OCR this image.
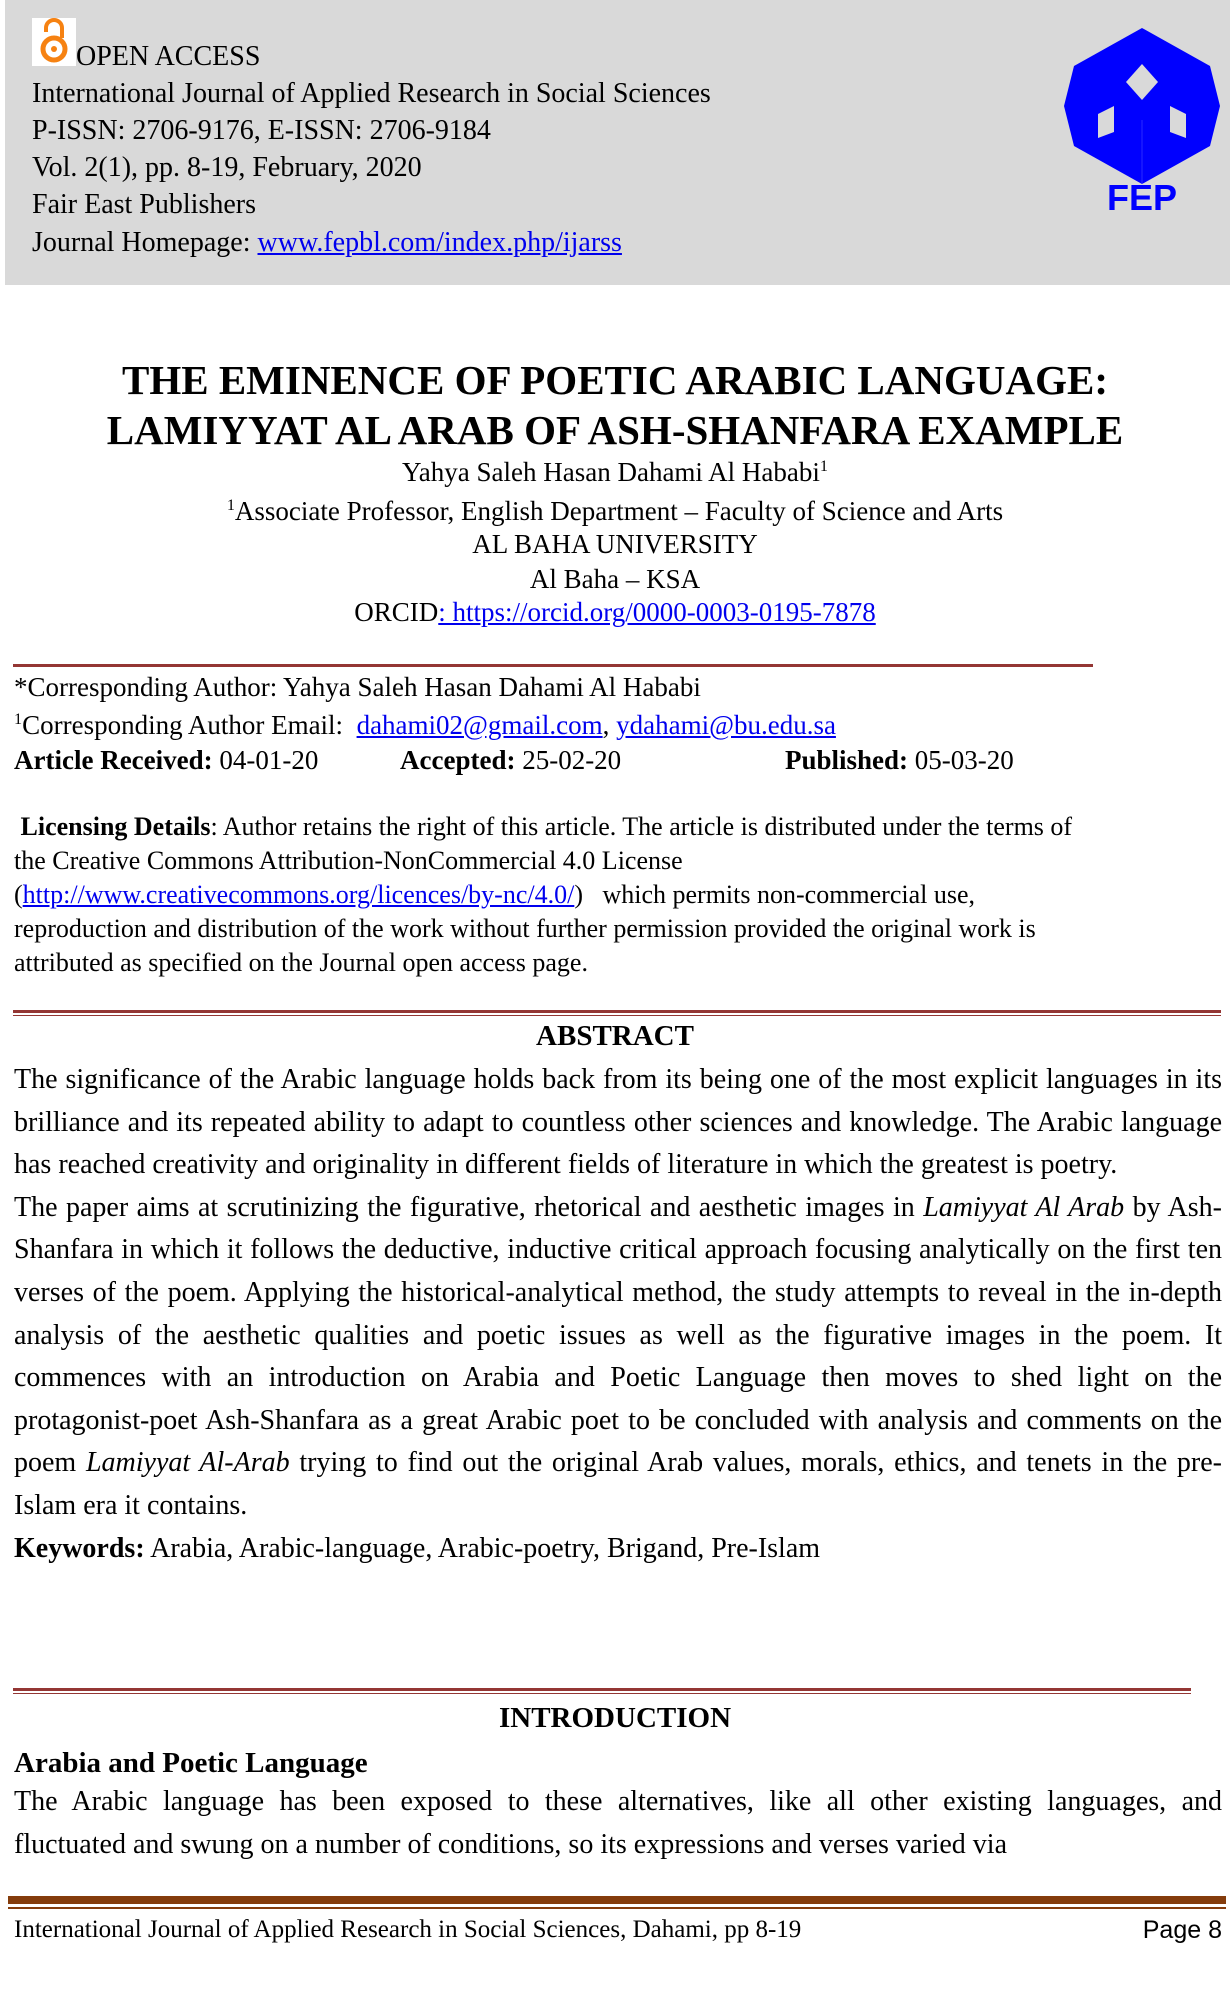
OPEN ACCESS
International Journal of Applied Research in Social Sciences
P-ISSN: 2706-9176, E-ISSN: 2706-9184
Vol. 2(1), pp. 8-19, February, 2020
Fair East Publishers
Journal Homepage: www.fepbl.com/index.php/ijarss
FEP
THE EMINENCE OF POETIC ARABIC LANGUAGE:
LAMIYYAT AL ARAB OF ASH-SHANFARA EXAMPLE
Yahya Saleh Hasan Dahami Al Hababi$^1$
$^1$Associate Professor, English Department – Faculty of Science and Arts
AL BAHA UNIVERSITY
Al Baha – KSA
ORCID: https://orcid.org/0000-0003-0195-7878
*Corresponding Author: Yahya Saleh Hasan Dahami Al Hababi
$^1$Corresponding Author Email: dahami02@gmail.com, ydahami@bu.edu.sa
Article Received: 04-01-20	Accepted: 25-02-20	Published: 05-03-20
Licensing Details: Author retains the right of this article. The article is distributed under the terms of
the Creative Commons Attribution-NonCommercial 4.0 License
(http://www.creativecommons.org/licences/by-nc/4.0/)   which permits non-commercial use,
reproduction and distribution of the work without further permission provided the original work is
attributed as specified on the Journal open access page.
ABSTRACT
The significance of the Arabic language holds back from its being one of the most explicit languages in its brilliance and its repeated ability to adapt to countless other sciences and knowledge. The Arabic language has reached creativity and originality in different fields of literature in which the greatest is poetry.
The paper aims at scrutinizing the figurative, rhetorical and aesthetic images in Lamiyyat Al Arab by Ash-Shanfara in which it follows the deductive, inductive critical approach focusing analytically on the first ten verses of the poem. Applying the historical-analytical method, the study attempts to reveal in the in-depth analysis of the aesthetic qualities and poetic issues as well as the figurative images in the poem. It commences with an introduction on Arabia and Poetic Language then moves to shed light on the protagonist-poet Ash-Shanfara as a great Arabic poet to be concluded with analysis and comments on the poem Lamiyyat Al-Arab trying to find out the original Arab values, morals, ethics, and tenets in the pre-Islam era it contains.
Keywords: Arabia, Arabic-language, Arabic-poetry, Brigand, Pre-Islam
INTRODUCTION
Arabia and Poetic Language
The Arabic language has been exposed to these alternatives, like all other existing languages, and fluctuated and swung on a number of conditions, so its expressions and verses varied via
International Journal of Applied Research in Social Sciences, Dahami, pp 8-19	Page 8
